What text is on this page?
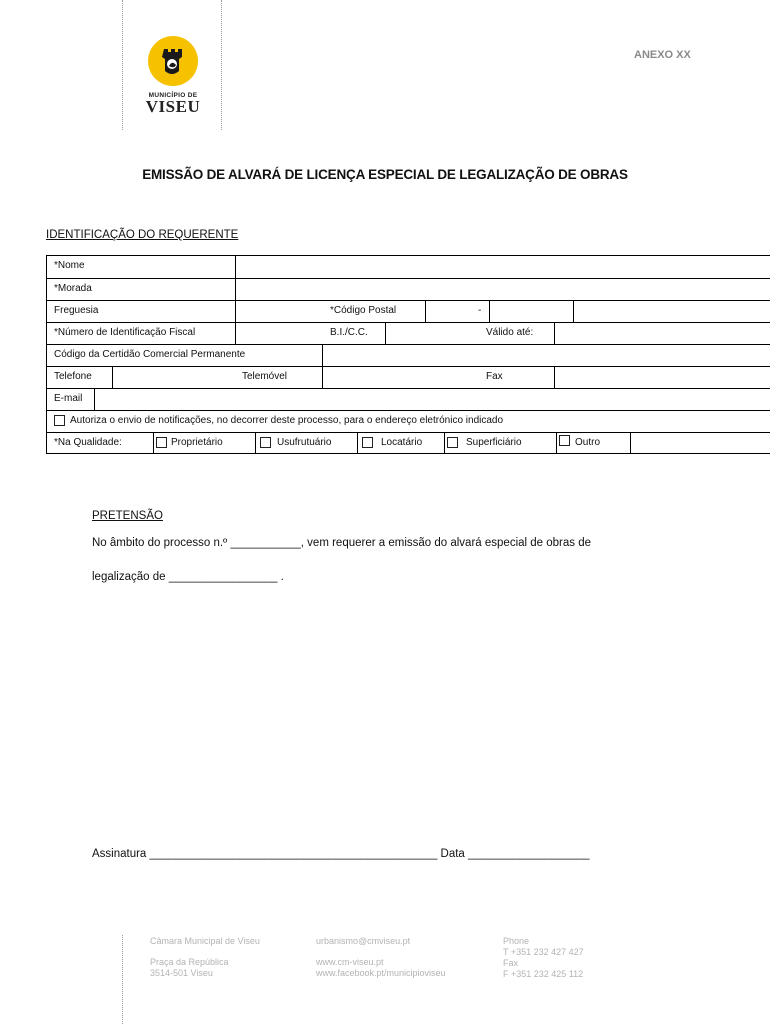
MUNICÍPIO DE
VISEU
ANEXO XX
EMISSÃO DE ALVARÁ DE LICENÇA ESPECIAL DE LEGALIZAÇÃO DE OBRAS
IDENTIFICAÇÃO DO REQUERENTE
*Nome
*Morada
Freguesia	*Código Postal	-
*Número de Identificação Fiscal	B.I./C.C.	Válido até:
Código da Certidão Comercial Permanente
Telefone	Telemóvel	Fax
E-mail
Autoriza o envio de notificações, no decorrer deste processo, para o endereço eletrónico indicado
*Na Qualidade:	Proprietário	Usufrutuário	Locatário	Superficiário	Outro
PRETENSÃO
No âmbito do processo n.º ___________, vem requerer a emissão do alvará especial de obras de
legalização de _________________ .
Assinatura _____________________________________________ Data ___________________
Câmara Municipal de Viseu
Praça da República
3514-501 Viseu
urbanismo@cmviseu.pt
www.cm-viseu.pt
www.facebook.pt/municipioviseu
Phone
T +351 232 427 427
Fax
F +351 232 425 112
